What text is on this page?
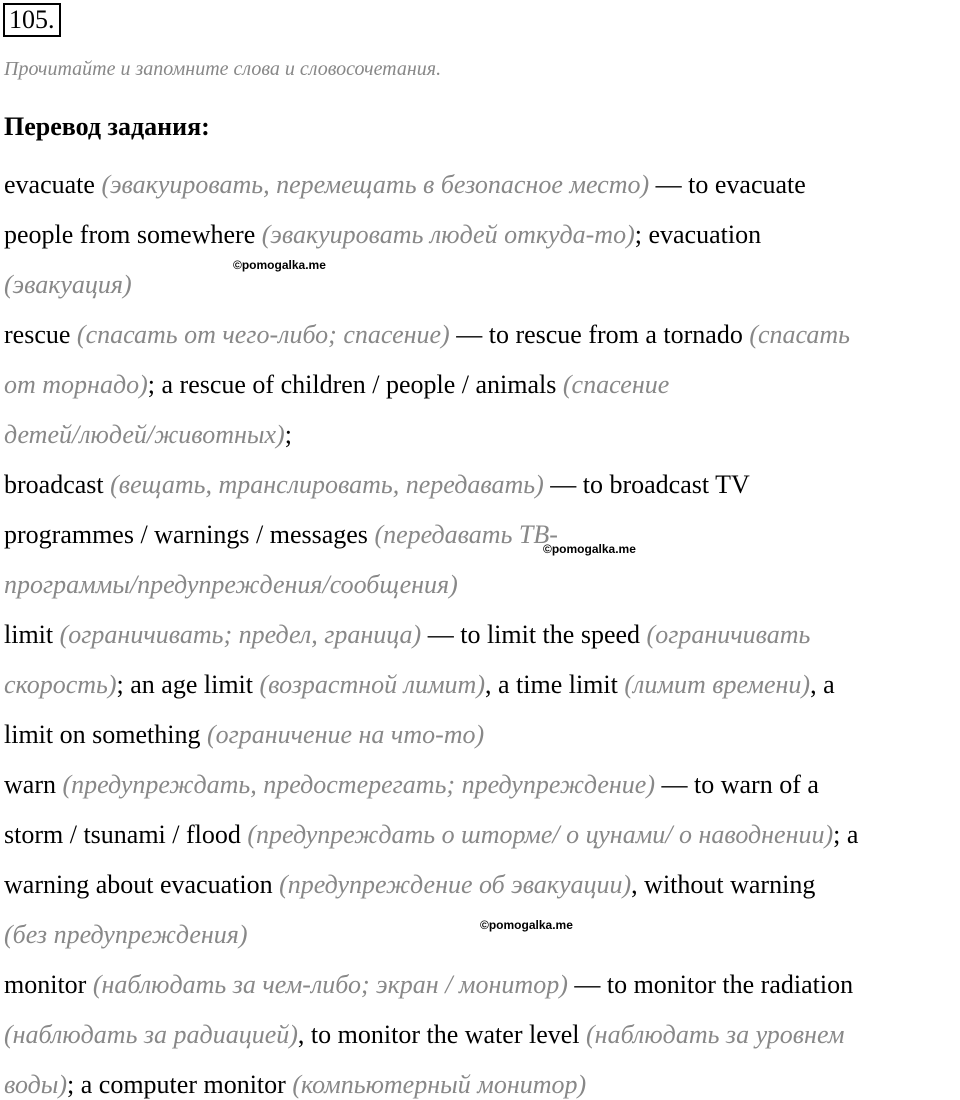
105.
Прочитайте и запомните слова и словосочетания.
Перевод задания:
evacuate (эвакуировать, перемещать в безопасное место) — to evacuate
people from somewhere (эвакуировать людей откуда-то); evacuation
(эвакуация)
rescue (спасать от чего-либо; спасение) — to rescue from a tornado (спасать
от торнадо); a rescue of children / people / animals (спасение
детей/людей/животных);
broadcast (вещать, транслировать, передавать) — to broadcast TV
programmes / warnings / messages (передавать ТВ-
программы/предупреждения/сообщения)
limit (ограничивать; предел, граница) — to limit the speed (ограничивать
скорость); an age limit (возрастной лимит), a time limit (лимит времени), a
limit on something (ограничение на что-то)
warn (предупреждать, предостерегать; предупреждение) — to warn of a
storm / tsunami / flood (предупреждать о шторме/ о цунами/ о наводнении); a
warning about evacuation (предупреждение об эвакуации), without warning
(без предупреждения)
monitor (наблюдать за чем-либо; экран / монитор) — to monitor the radiation
(наблюдать за радиацией), to monitor the water level (наблюдать за уровнем
воды); a computer monitor (компьютерный монитор)
©pomogalka.me
©pomogalka.me
©pomogalka.me
